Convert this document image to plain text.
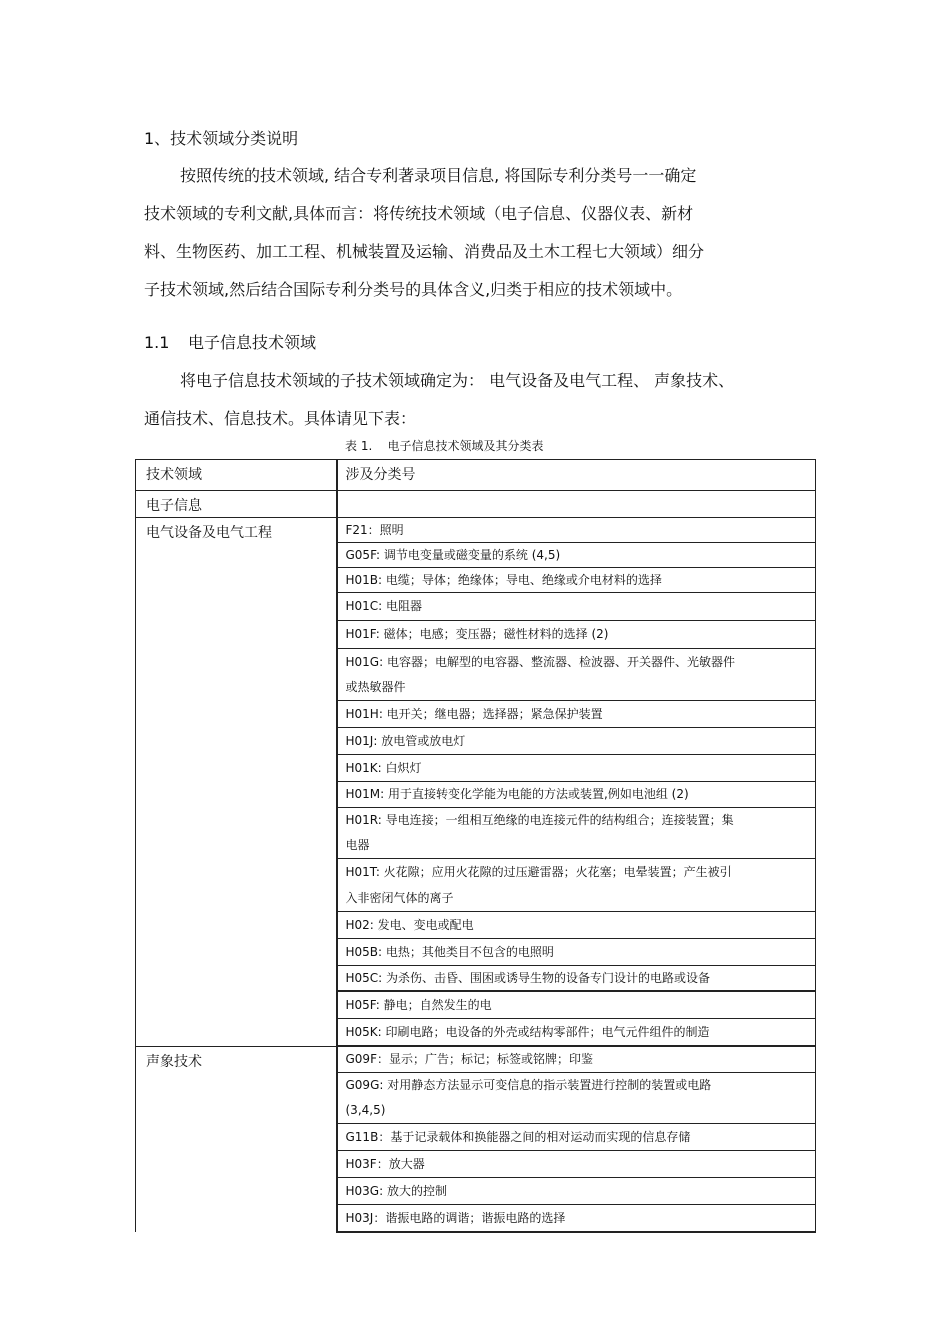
1、技术领域分类说明
按照传统的技术领域, 结合专利著录项目信息, 将国际专利分类号一一确定
技术领域的专利文献,具体而言：将传统技术领域（电子信息、仪器仪表、新材
料、生物医药、加工工程、机械装置及运输、消费品及土木工程七大领域）细分
子技术领域,然后结合国际专利分类号的具体含义,归类于相应的技术领域中。
1.1 电子信息技术领域
将电子信息技术领域的子技术领域确定为： 电气设备及电气工程、 声象技术、
通信技术、信息技术。具体请见下表：
表 1.    电子信息技术领域及其分类表
技术领域	涉及分类号
电子信息	
电气设备及电气工程	F21：照明
	G05F: 调节电变量或磁变量的系统 (4,5)
	H01B: 电缆；导体；绝缘体；导电、绝缘或介电材料的选择
	H01C: 电阻器
	H01F: 磁体；电感；变压器；磁性材料的选择 (2)
	H01G: 电容器；电解型的电容器、整流器、检波器、开关器件、光敏器件
或热敏器件
	H01H: 电开关；继电器；选择器；紧急保护装置
	H01J: 放电管或放电灯
	H01K: 白炽灯
	H01M: 用于直接转变化学能为电能的方法或装置,例如电池组 (2)
	H01R: 导电连接；一组相互绝缘的电连接元件的结构组合；连接装置；集
电器
	H01T: 火花隙；应用火花隙的过压避雷器；火花塞；电晕装置；产生被引
入非密闭气体的离子
	H02: 发电、变电或配电
	H05B: 电热；其他类目不包含的电照明
	H05C: 为杀伤、击昏、围困或诱导生物的设备专门设计的电路或设备
	H05F: 静电；自然发生的电
	H05K: 印刷电路；电设备的外壳或结构零部件；电气元件组件的制造
声象技术	G09F：显示；广告；标记；标签或铭牌；印鉴
	G09G: 对用静态方法显示可变信息的指示装置进行控制的装置或电路
(3,4,5)
	G11B：基于记录载体和换能器之间的相对运动而实现的信息存储
	H03F：放大器
	H03G: 放大的控制
	H03J：谐振电路的调谐；谐振电路的选择
